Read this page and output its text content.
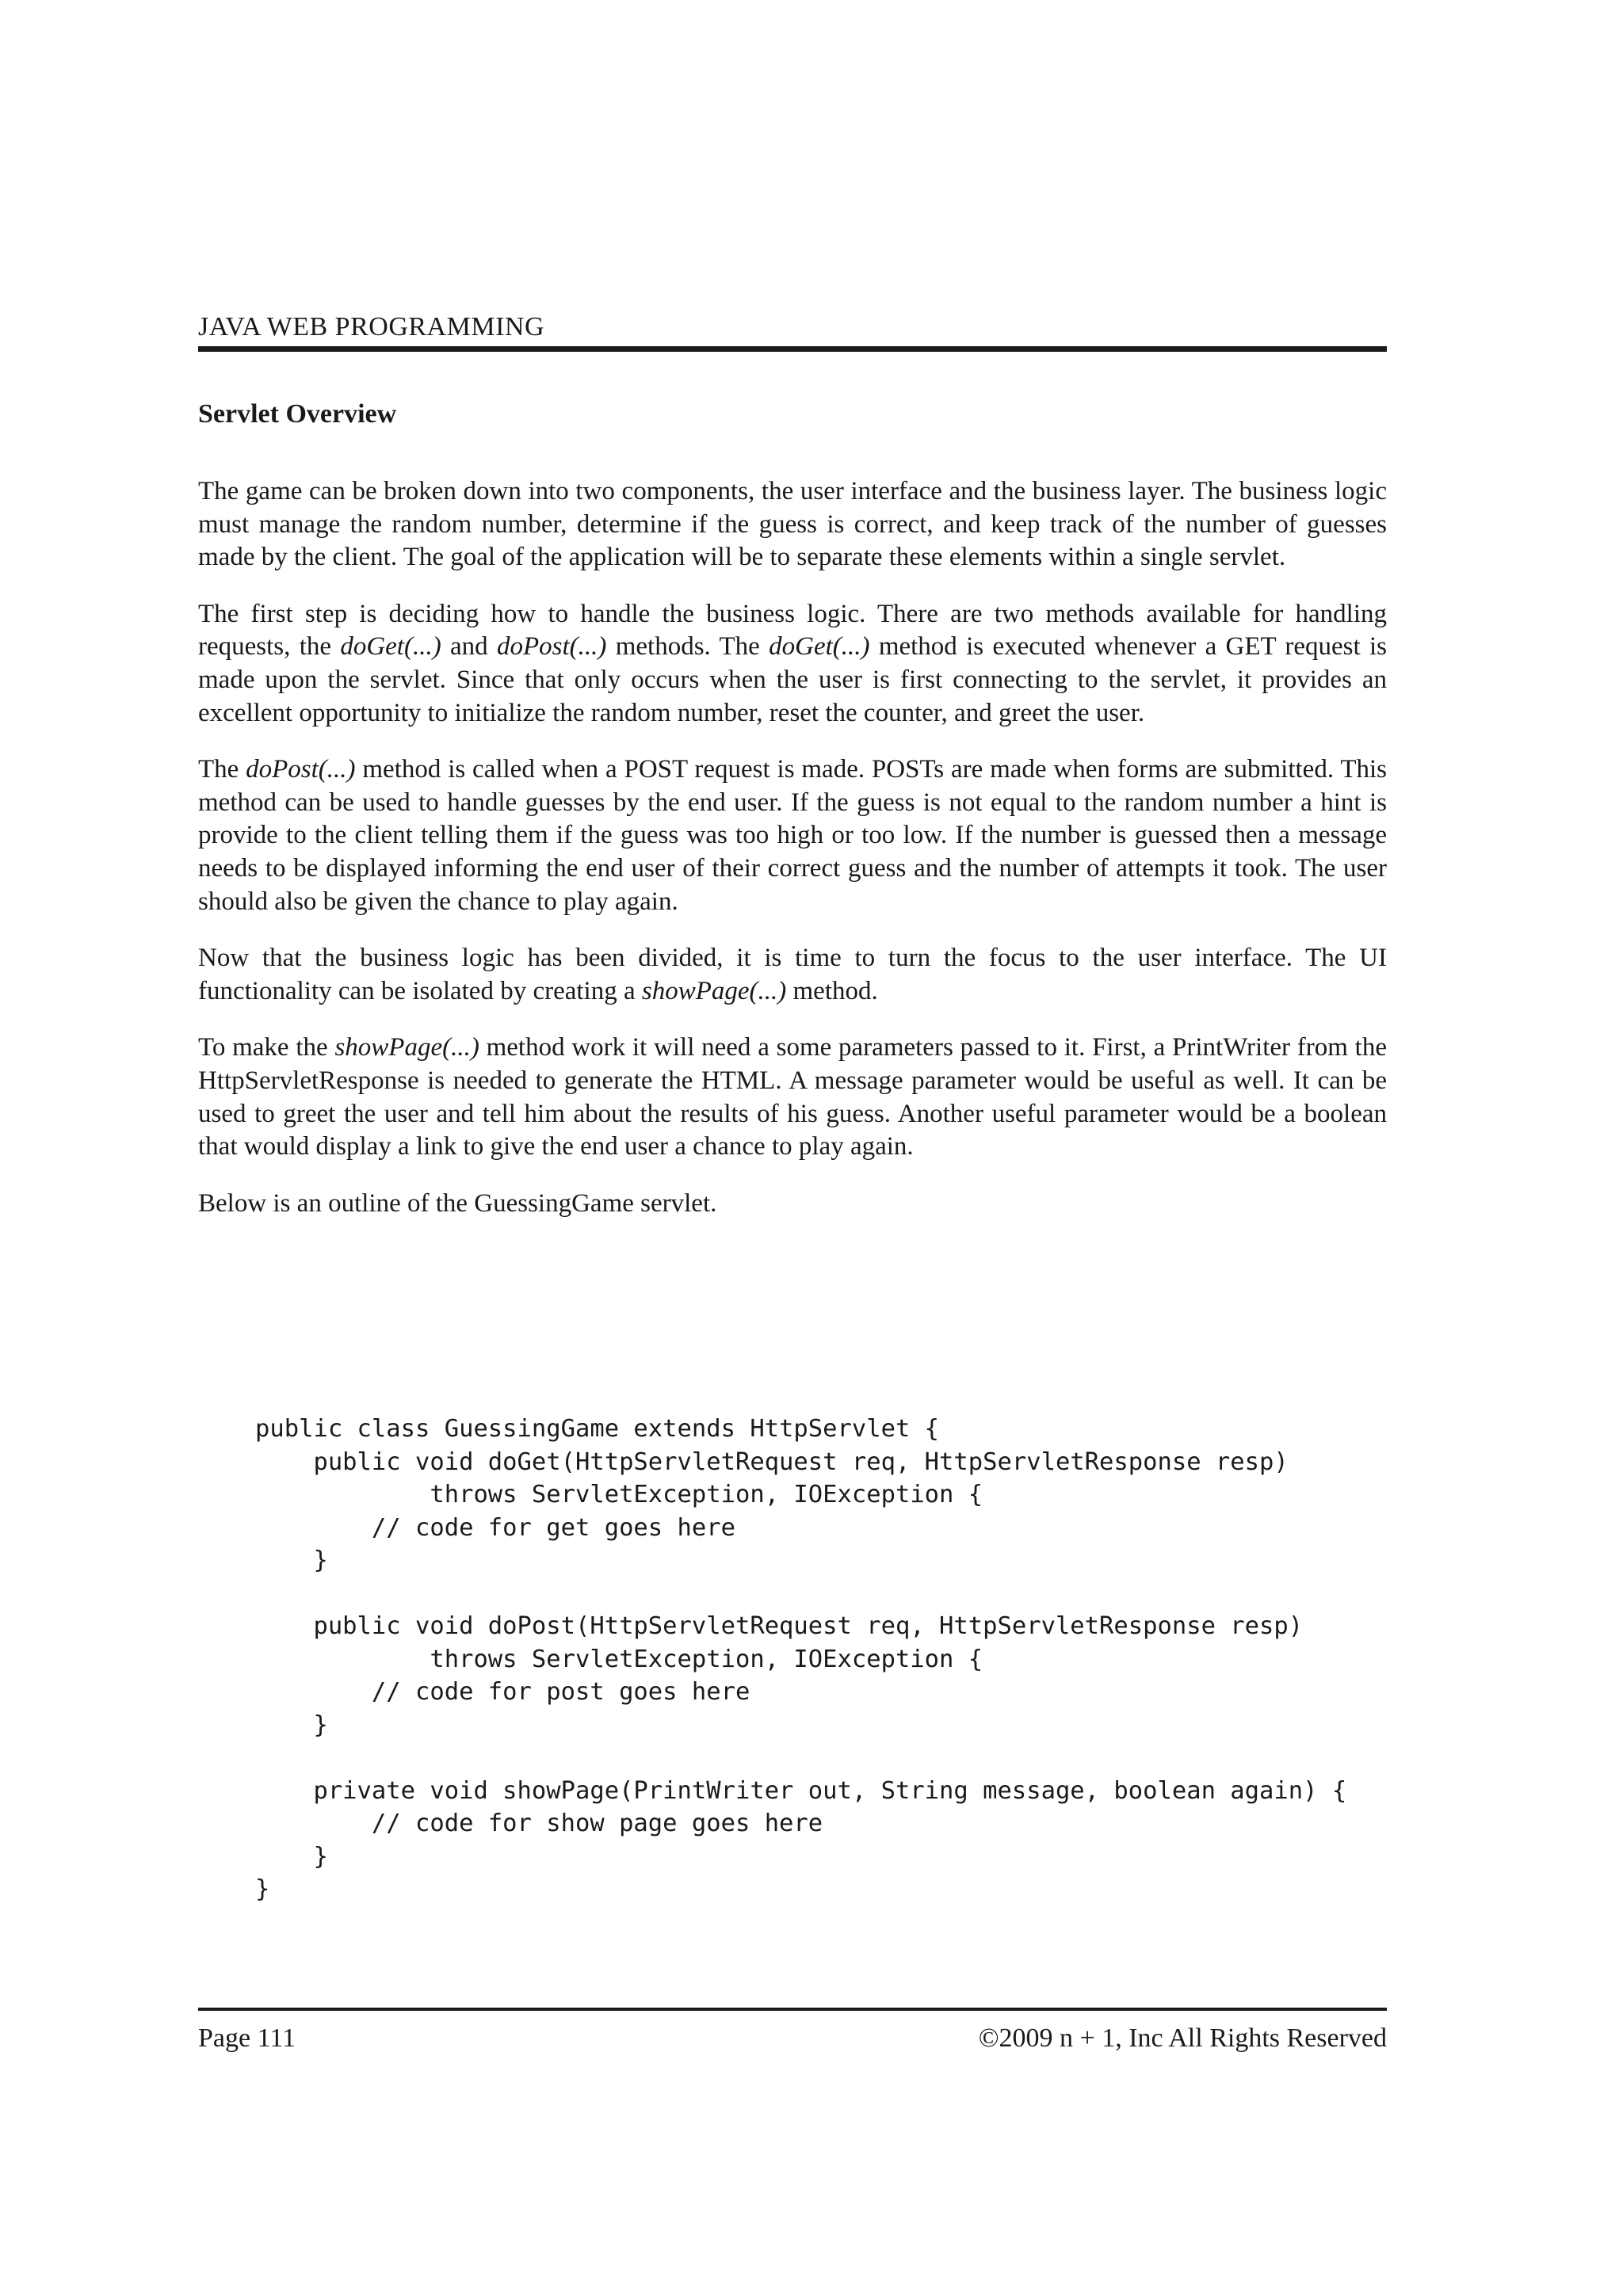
JAVA WEB PROGRAMMING
Servlet Overview

The game can be broken down into two components, the user interface and the business layer. The business logic must manage the random number, determine if the guess is correct, and keep track of the number of guesses made by the client. The goal of the application will be to separate these elements within a single servlet.

The first step is deciding how to handle the business logic. There are two methods available for handling requests, the doGet(...) and doPost(...) methods. The doGet(...) method is executed whenever a GET request is made upon the servlet. Since that only occurs when the user is first connecting to the servlet, it provides an excellent opportunity to initialize the random number, reset the counter, and greet the user.

The doPost(...) method is called when a POST request is made. POSTs are made when forms are submitted. This method can be used to handle guesses by the end user. If the guess is not equal to the random number a hint is provide to the client telling them if the guess was too high or too low. If the number is guessed then a message needs to be displayed informing the end user of their correct guess and the number of attempts it took. The user should also be given the chance to play again.

Now that the business logic has been divided, it is time to turn the focus to the user interface. The UI functionality can be isolated by creating a showPage(...) method.

To make the showPage(...) method work it will need a some parameters passed to it. First, a PrintWriter from the HttpServletResponse is needed to generate the HTML. A message parameter would be useful as well. It can be used to greet the user and tell him about the results of his guess. Another useful parameter would be a boolean that would display a link to give the end user a chance to play again.

Below is an outline of the GuessingGame servlet.

public class GuessingGame extends HttpServlet {
public void doGet(HttpServletRequest req, HttpServletResponse resp)
throws ServletException, IOException {
// code for get goes here
}

public void doPost(HttpServletRequest req, HttpServletResponse resp)
throws ServletException, IOException {
// code for post goes here
}

private void showPage(PrintWriter out, String message, boolean again) {
// code for show page goes here
}
}
Page 111	©2009 n + 1, Inc All Rights Reserved
